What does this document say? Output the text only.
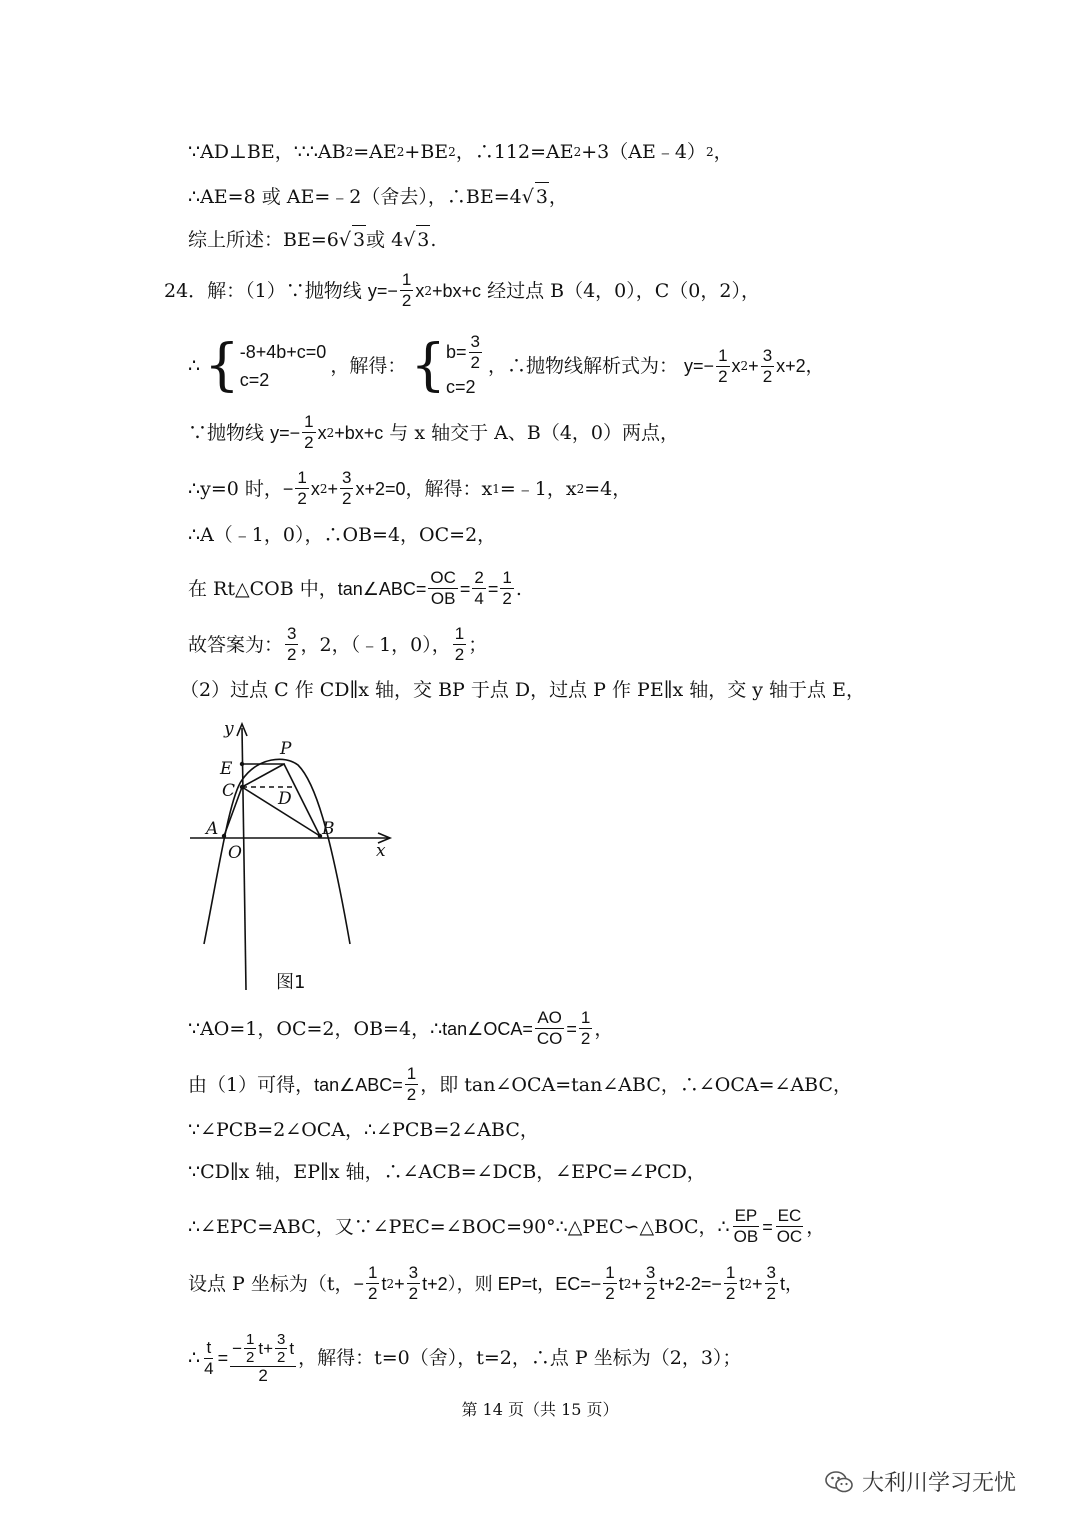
∵AD⊥BE，∵∴AB 2 =AE 2 +BE 2 ，∴112=AE 2 +3（AE﹣4） 2 ，
∴AE=8 或 AE=﹣2（舍去），∴BE=4 √ 3 ，
综上所述：BE=6 √ 3 或 4 √ 3 .
24．解：（1）∵抛物线
$y=- \frac{1}{2}$ x 2 +bx+c
经过点 B（4，0），C（0，2），
∴ { -8+4b+c=0
c=2
，解得： { $b= \frac{3}{2}$
c=2
，∴抛物线解析式为：
$y=- \frac{1}{2}$ x $2 + \frac{3}{2} x+2$，
∵抛物线
$y=- \frac{1}{2}$ x 2 +bx+c
与 x 轴交于 A、B（4，0）两点，
∴y=0 时， − $\frac{1}{2}$ x $2 + \frac{3}{2} x+2=0$ ，解得：x 1 =﹣1，x 2 =4，
∴A（﹣1，0），∴OB=4，OC=2，
在 Rt△COB 中， tan∠ABC= $\frac{OC}{OB} = \frac{2}{4} = \frac{1}{2}$ .
故答案为： $\frac{3}{2}$ ，2，（﹣1，0）， $\frac{1}{2}$ ；
（2）过点 C 作 CD∥x 轴，交 BP 于点 D，过点 P 作 PE∥x 轴，交 y 轴于点 E，
y
x
P
E
C	D
A	B
O
图1
∵AO=1，OC=2，OB=4，∴ tan∠OCA= $\frac{AO}{CO} = \frac{1}{2}$ ，
由（1）可得， tan∠ABC= $\frac{1}{2}$ ，即 tan∠OCA=tan∠ABC，∴∠OCA=∠ABC，
∵∠PCB=2∠OCA，∴∠PCB=2∠ABC，
∵CD∥x 轴，EP∥x 轴，∴∠ACB=∠DCB，∠EPC=∠PCD，
∴∠EPC=ABC，又∵∠PEC=∠BOC=90°∴△PEC∽△BOC，∴ $\frac{EP}{OB} = \frac{EC}{OC}$ ，
设点 P 坐标为（t， − $\frac{1}{2}$ t $2 + \frac{3}{2} t+2$），则 EP=t， $EC=- \frac{1}{2}$ t $2 + \frac{3}{2} t+2-2=- \frac{1}{2}$ t $2 + \frac{3}{2}$ t，
∴ $\frac{t}{4} = \frac{- \frac{1}{2} t+ \frac{3}{2} t}{2}$ ，解得：t=0（舍），t=2，∴点 P 坐标为（2，3）；
第 14 页（共 15 页）
大利川学习无忧
